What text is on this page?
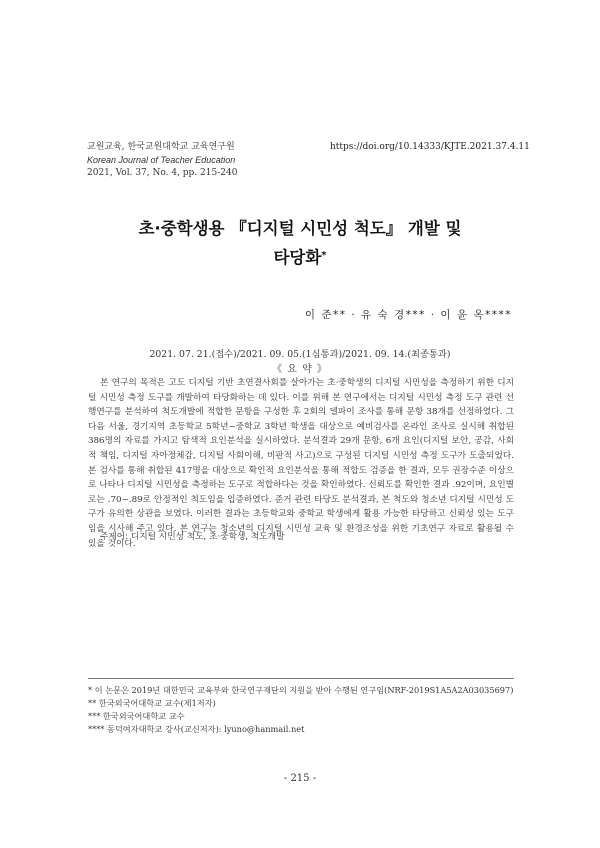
교원교육, 한국교원대학교 교육연구원
Korean Journal of Teacher Education
2021, Vol. 37, No. 4, pp. 215-240
https://doi.org/10.14333/KJTE.2021.37.4.11
초·중학생용 『디지털 시민성 척도』 개발 및
타당화*
이 준** · 유 숙 경*** · 이 윤 옥****
2021. 07. 21.(접수)/2021. 09. 05.(1심통과)/2021. 09. 14.(최종통과)
《 요 약 》
본 연구의 목적은 고도 디지털 기반 초연결사회를 살아가는 초·중학생의 디지털 시민성을 측정하기 위한 디지털 시민성 측정 도구를 개발하여 타당화하는 데 있다. 이를 위해 본 연구에서는 디지털 시민성 측정 도구 관련 선행연구를 분석하여 척도개발에 적합한 문항을 구성한 후 2회의 델파이 조사를 통해 문항 38개를 선정하였다. 그다음 서울, 경기지역 초등학교 5학년~중학교 3학년 학생을 대상으로 예비검사를 온라인 조사로 실시해 취합된 386명의 자료를 가지고 탐색적 요인분석을 실시하였다. 분석결과 29개 문항, 6개 요인(디지털 보안, 공감, 사회적 책임, 디지털 자아정체감, 디지털 사회이해, 비판적 사고)으로 구성된 디지털 시민성 측정 도구가 도출되었다. 본 검사를 통해 취합된 417명을 대상으로 확인적 요인분석을 통해 적합도 검증을 한 결과, 모두 권장수준 이상으로 나타나 디지털 시민성을 측정하는 도구로 적합하다는 것을 확인하였다. 신뢰도를 확인한 결과 .92이며, 요인별로는 .70~.89로 안정적인 척도임을 입증하였다. 준거 관련 타당도 분석결과, 본 척도와 청소년 디지털 시민성 도구가 유의한 상관을 보였다. 이러한 결과는 초등학교와 중학교 학생에게 활용 가능한 타당하고 신뢰성 있는 도구임을 시사해 주고 있다. 본 연구는 청소년의 디지털 시민성 교육 및 환경조성을 위한 기초연구 자료로 활용될 수 있을 것이다.
주제어: 디지털 시민성 척도, 초·중학생, 척도개발
* 이 논문은 2019년 대한민국 교육부와 한국연구재단의 지원을 받아 수행된 연구임(NRF-2019S1A5A2A03035697)
** 한국외국어대학교 교수(제1저자)
*** 한국외국어대학교 교수
**** 동덕여자대학교 강사(교신저자): lyuno@hanmail.net
- 215 -
